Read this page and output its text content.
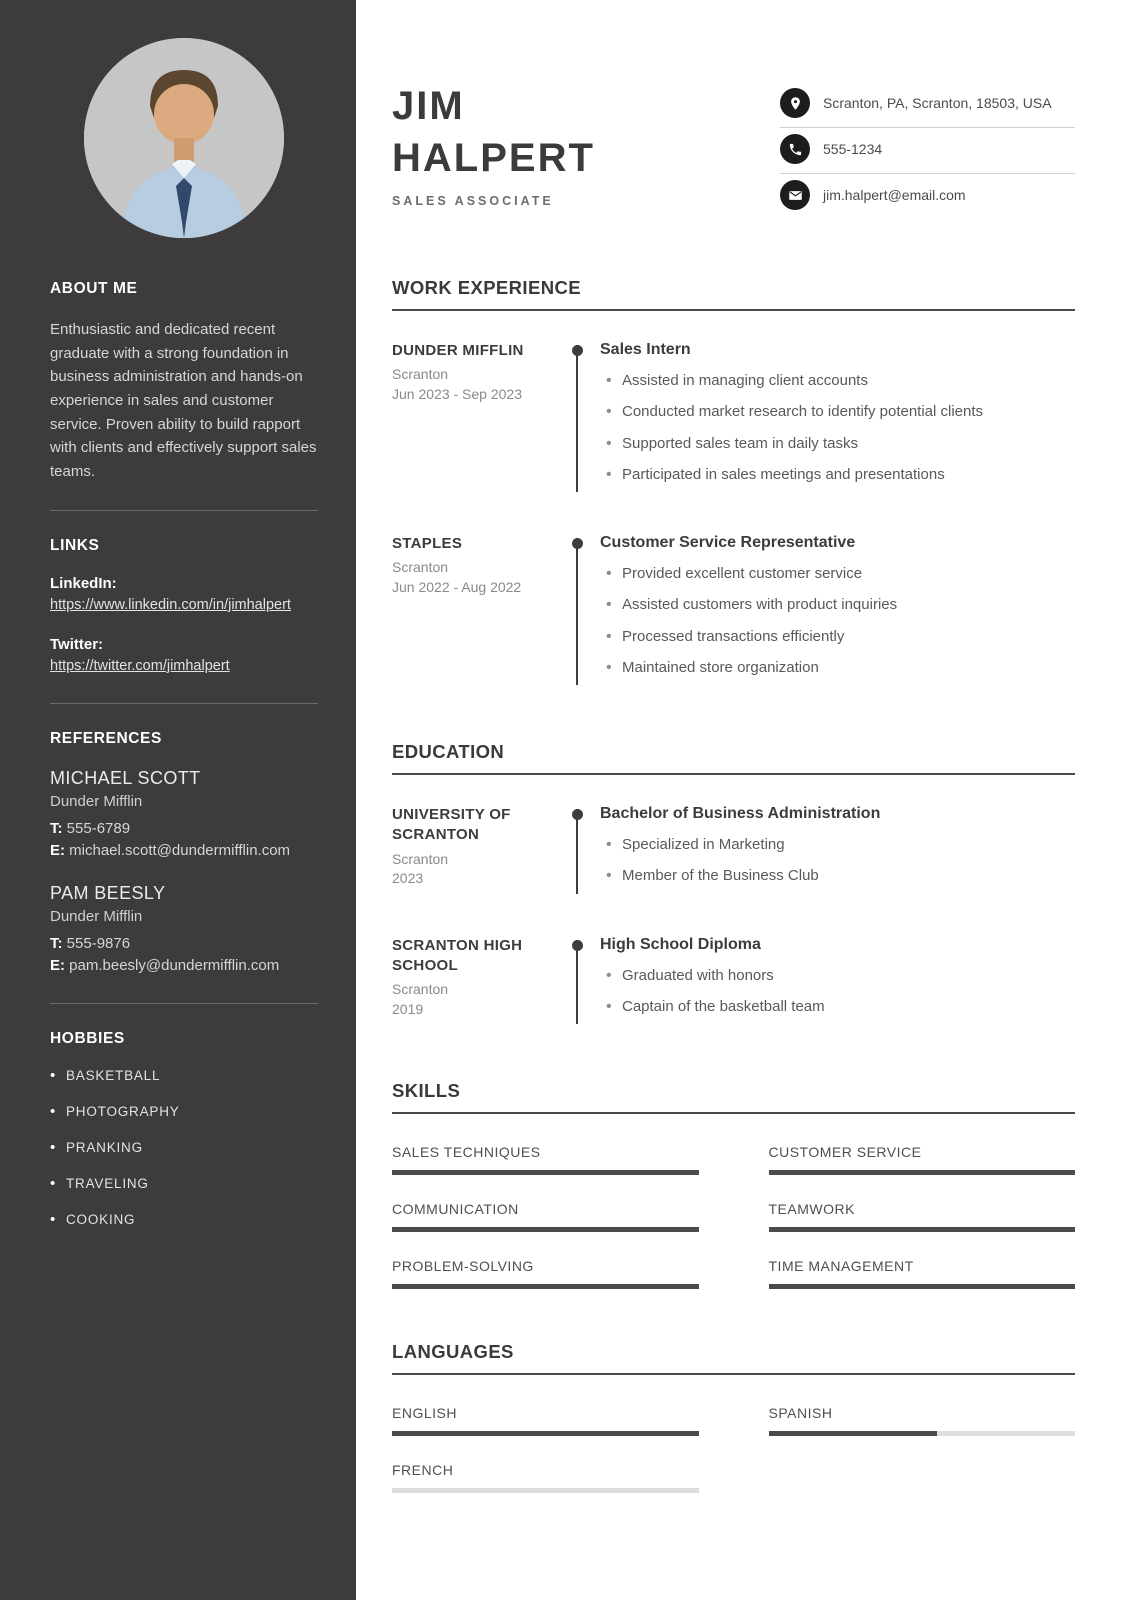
ABOUT ME

Enthusiastic and dedicated recent graduate with a strong foundation in business administration and hands-on experience in sales and customer service. Proven ability to build rapport with clients and effectively support sales teams.

LINKS
LinkedIn:
https://www.linkedin.com/in/jimhalpert
Twitter:
https://twitter.com/jimhalpert
REFERENCES
MICHAEL SCOTT
Dunder Mifflin
T: 555-6789
E: michael.scott@dundermifflin.com
PAM BEESLY
Dunder Mifflin
T: 555-9876
E: pam.beesly@dundermifflin.com
HOBBIES
• BASKETBALL
• PHOTOGRAPHY
• PRANKING
• TRAVELING
• COOKING
JIM
HALPERT
SALES ASSOCIATE
Scranton, PA, Scranton, 18503, USA
555-1234
jim.halpert@email.com
WORK EXPERIENCE
DUNDER MIFFLIN
Scranton
Jun 2023 - Sep 2023
Sales Intern
• Assisted in managing client accounts
• Conducted market research to identify potential clients
• Supported sales team in daily tasks
• Participated in sales meetings and presentations
STAPLES
Scranton
Jun 2022 - Aug 2022
Customer Service Representative
• Provided excellent customer service
• Assisted customers with product inquiries
• Processed transactions efficiently
• Maintained store organization
EDUCATION
UNIVERSITY OF SCRANTON
Scranton
2023
Bachelor of Business Administration
• Specialized in Marketing
• Member of the Business Club
SCRANTON HIGH SCHOOL
Scranton
2019
High School Diploma
• Graduated with honors
• Captain of the basketball team
SKILLS
SALES TECHNIQUES	CUSTOMER SERVICE
COMMUNICATION	TEAMWORK
PROBLEM-SOLVING	TIME MANAGEMENT
LANGUAGES
ENGLISH	SPANISH
FRENCH
